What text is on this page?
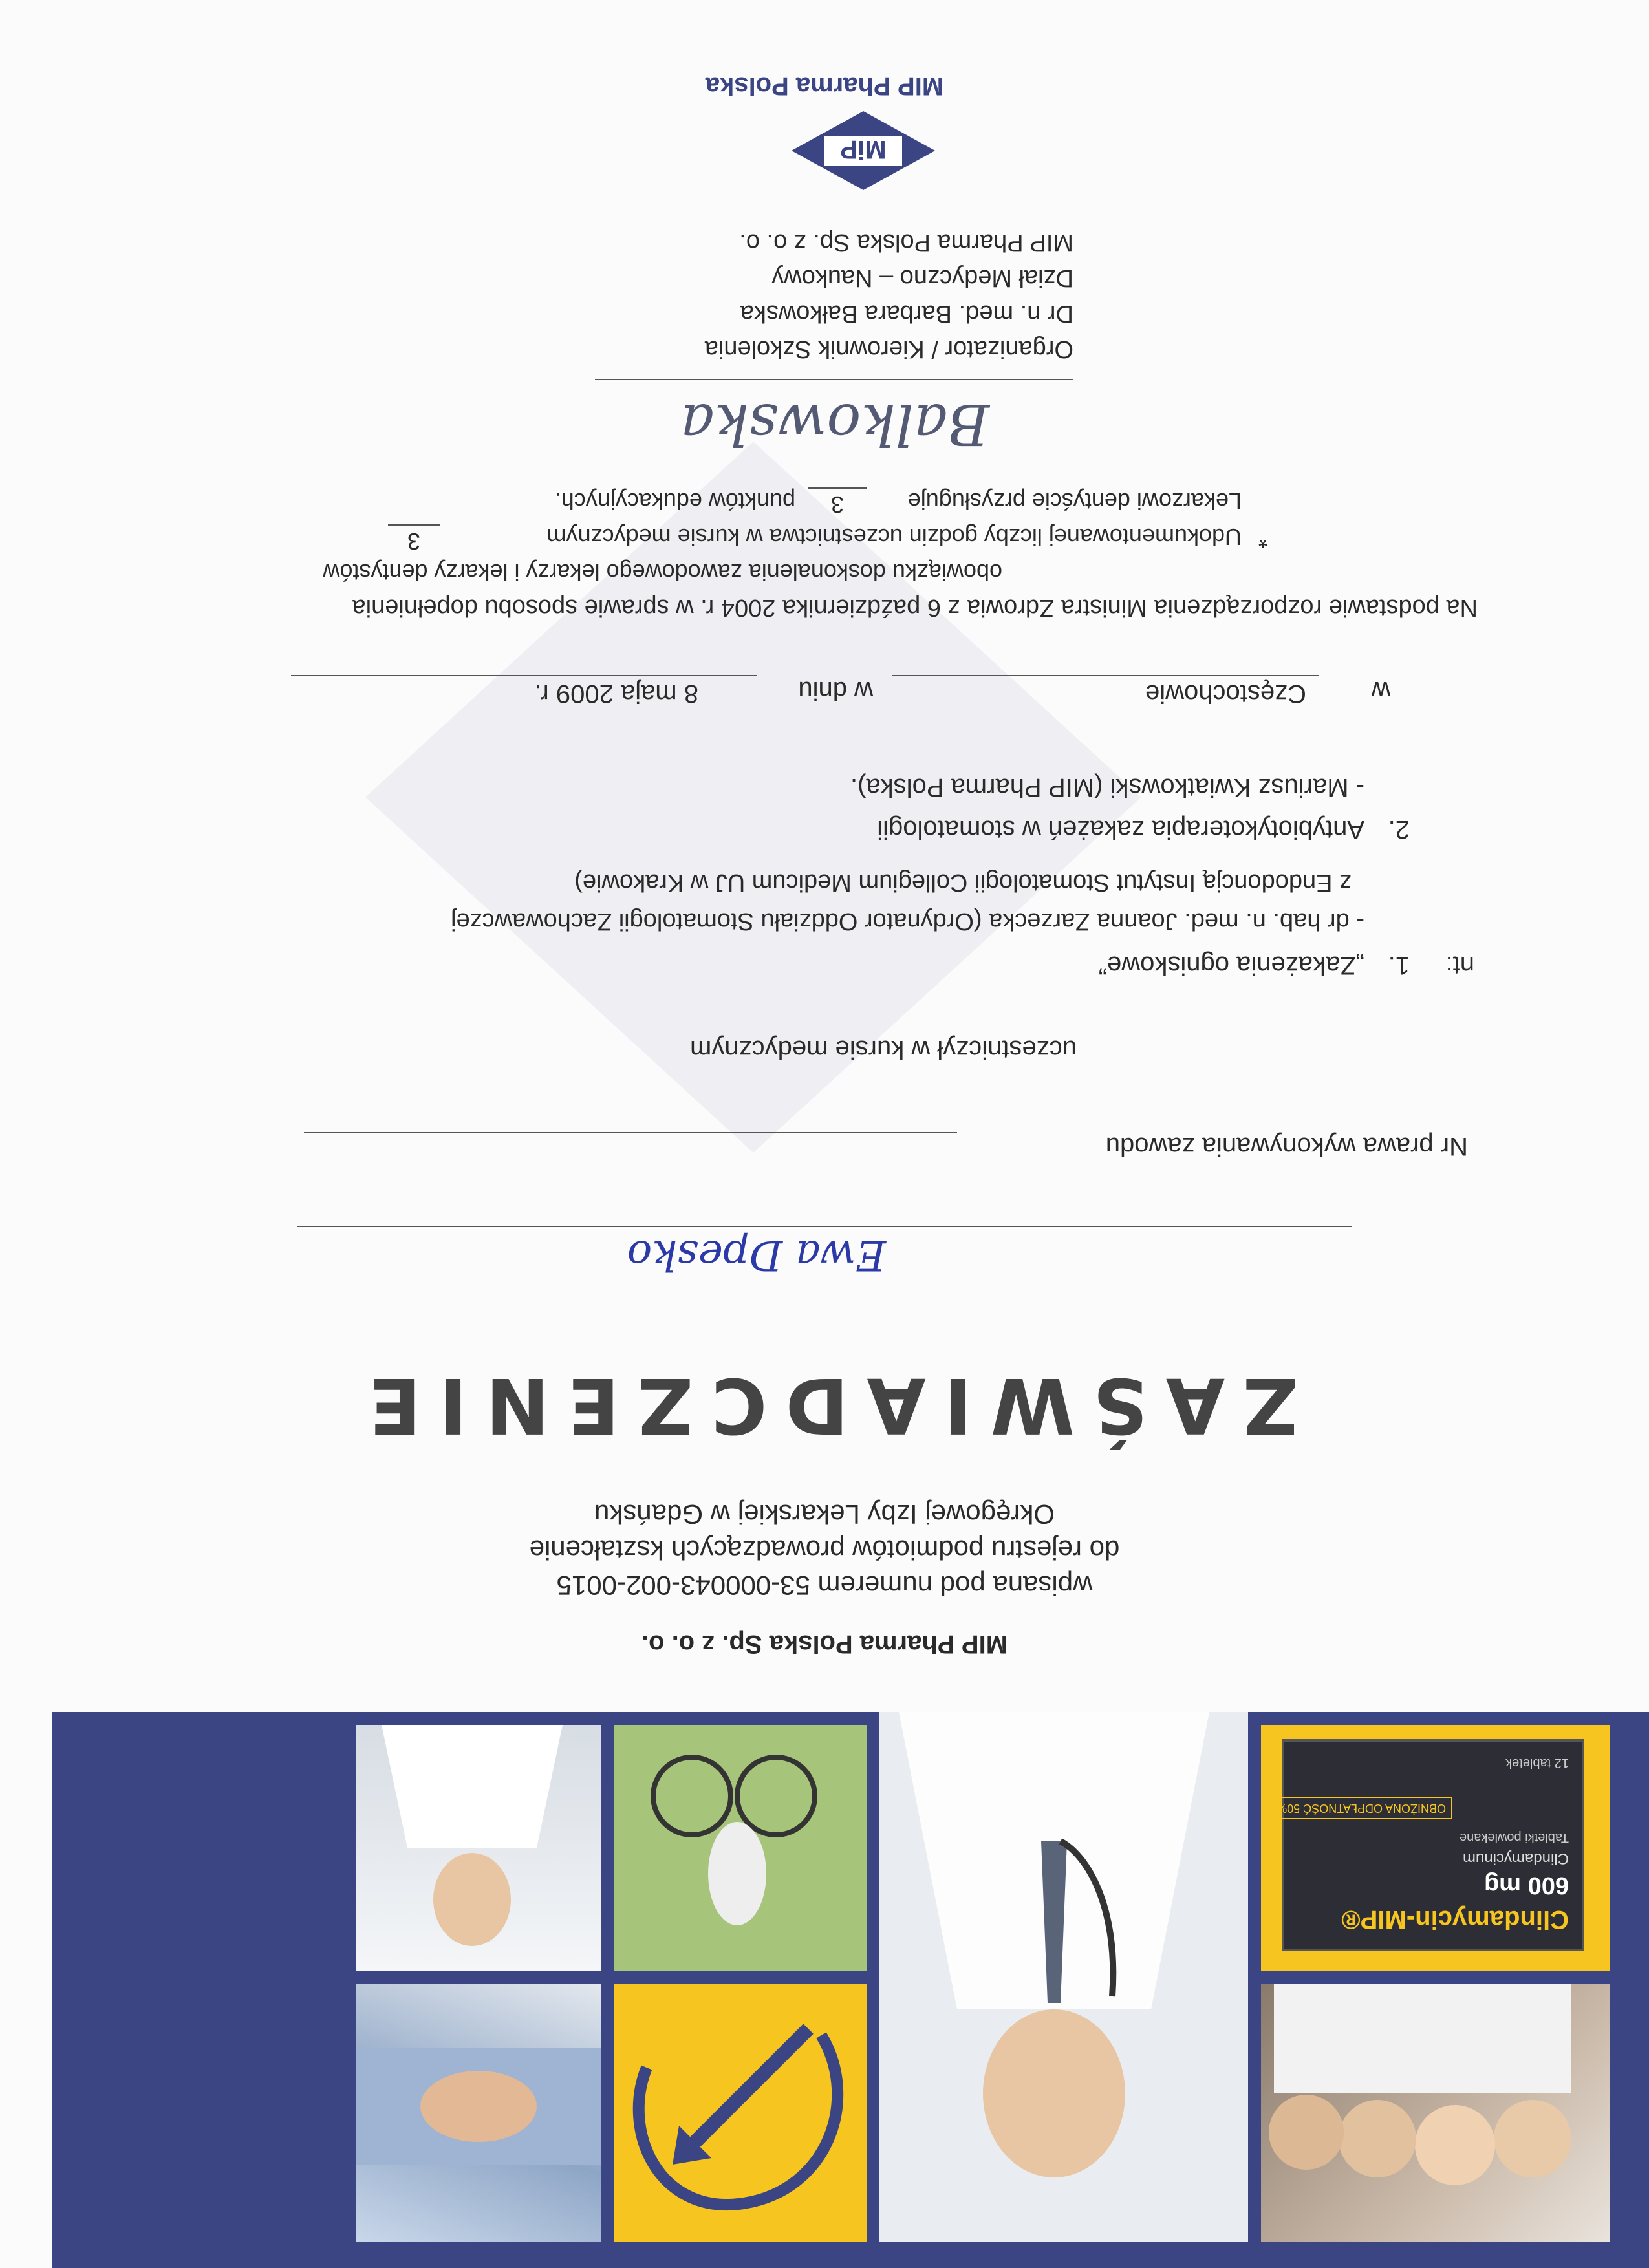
Clindamycin-MIP®
600 mg
Clindamycinum
Tabletki powlekane
12 tabletek
OBNIŻONA ODPŁATNOŚĆ 50%
MIP Pharma Polska Sp. z o. o.
wpisana pod numerem 53-000043-002-0015
do rejestru podmiotów prowadzących kształcenie
Okręgowej Izby Lekarskiej w Gdańsku
ZAŚWIADCZENIE
Ewa Dpesko
Nr prawa wykonywania zawodu
uczestniczył w kursie medycznym
nt:
1.
„Zakażenia ogniskowe”
- dr hab. n. med. Joanna Zarzecka (Ordynator Oddziału Stomatologii Zachowawczej
z Endodoncją Instytut Stomatologii Collegium Medicum UJ w Krakowie)
2.
Antybiotykoterapia zakażeń w stomatologii
- Mariusz Kwiatkowski (MIP Pharma Polska).
w
Częstochowie
w dniu
8 maja 2009 r.
Na podstawie rozporządzenia Ministra Zdrowia z 6 października 2004 r. w sprawie sposobu dopełnienia
obowiązku doskonalenia zawodowego lekarzy i lekarzy dentystów
*
Udokumentowanej liczby godzin uczestnictwa w kursie medycznym
3
Lekarzowi dentyście przysługuje
3
punktów edukacyjnych.
Balkowska
Organizator / Kierownik Szkolenia
Dr n. med. Barbara Bałkowska
Dział Medyczno – Naukowy
MIP Pharma Polska Sp. z o. o.
MiP
MIP Pharma Polska
